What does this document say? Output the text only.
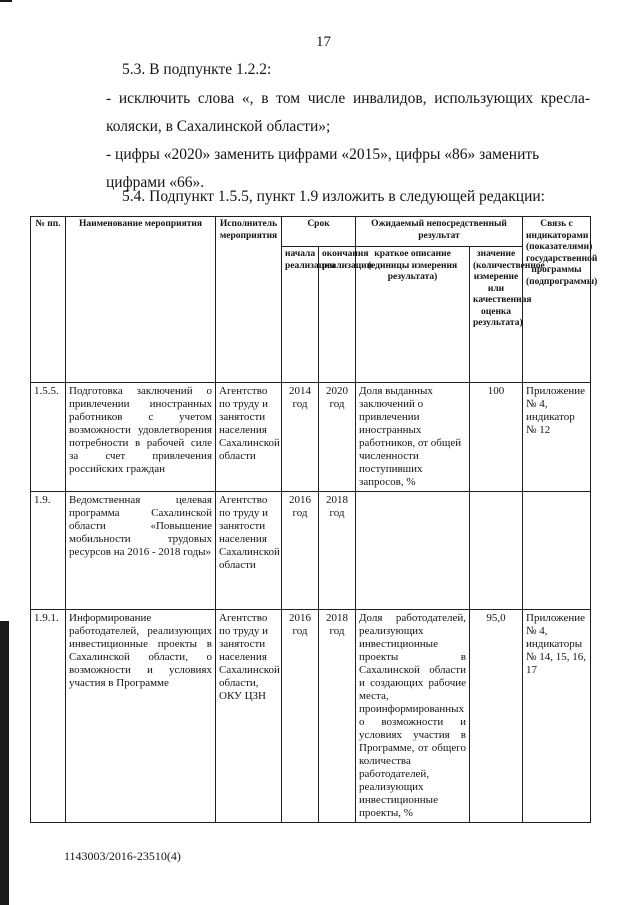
17
5.3. В подпункте 1.2.2:
- исключить слова «, в том числе инвалидов, использующих кресла-коляски, в Сахалинской области»;
- цифры «2020» заменить цифрами «2015», цифры «86» заменить цифрами «66».
5.4. Подпункт 1.5.5, пункт 1.9 изложить в следующей редакции:
№ пп.	Наименование мероприятия	Исполнитель мероприятия	Срок		Ожидаемый непосредственный результат		Связь с индикаторами (показателями) государственной программы (подпрограммы)
			начала реализации	окончания реализации	краткое описание (единицы измерения результата)	значение (количественное измерение или качественная оценка результата)	
1.5.5.	Подготовка заключений о привлечении иностранных работников с учетом возможности удовлетворения потребности в рабочей силе за счет привлечения российских граждан	Агентство по труду и занятости населения Сахалинской области	2014 год	2020 год	Доля выданных заключений о привлечении иностранных работников, от общей численности поступивших запросов, %	100	Приложение № 4, индикатор № 12
1.9.	Ведомственная целевая программа Сахалинской области «Повышение мобильности трудовых ресурсов на 2016 - 2018 годы»	Агентство по труду и занятости населения Сахалинской области	2016 год	2018 год			
1.9.1.	Информирование работодателей, реализующих инвестиционные проекты в Сахалинской области, о возможности и условиях участия в Программе	Агентство по труду и занятости населения Сахалинской области, ОКУ ЦЗН	2016 год	2018 год	Доля работодателей, реализующих инвестиционные проекты в Сахалинской области и создающих рабочие места, проинформированных о возможности и условиях участия в Программе, от общего количества работодателей, реализующих инвестиционные проекты, %	95,0	Приложение № 4, индикаторы № 14, 15, 16, 17
1143003/2016-23510(4)
